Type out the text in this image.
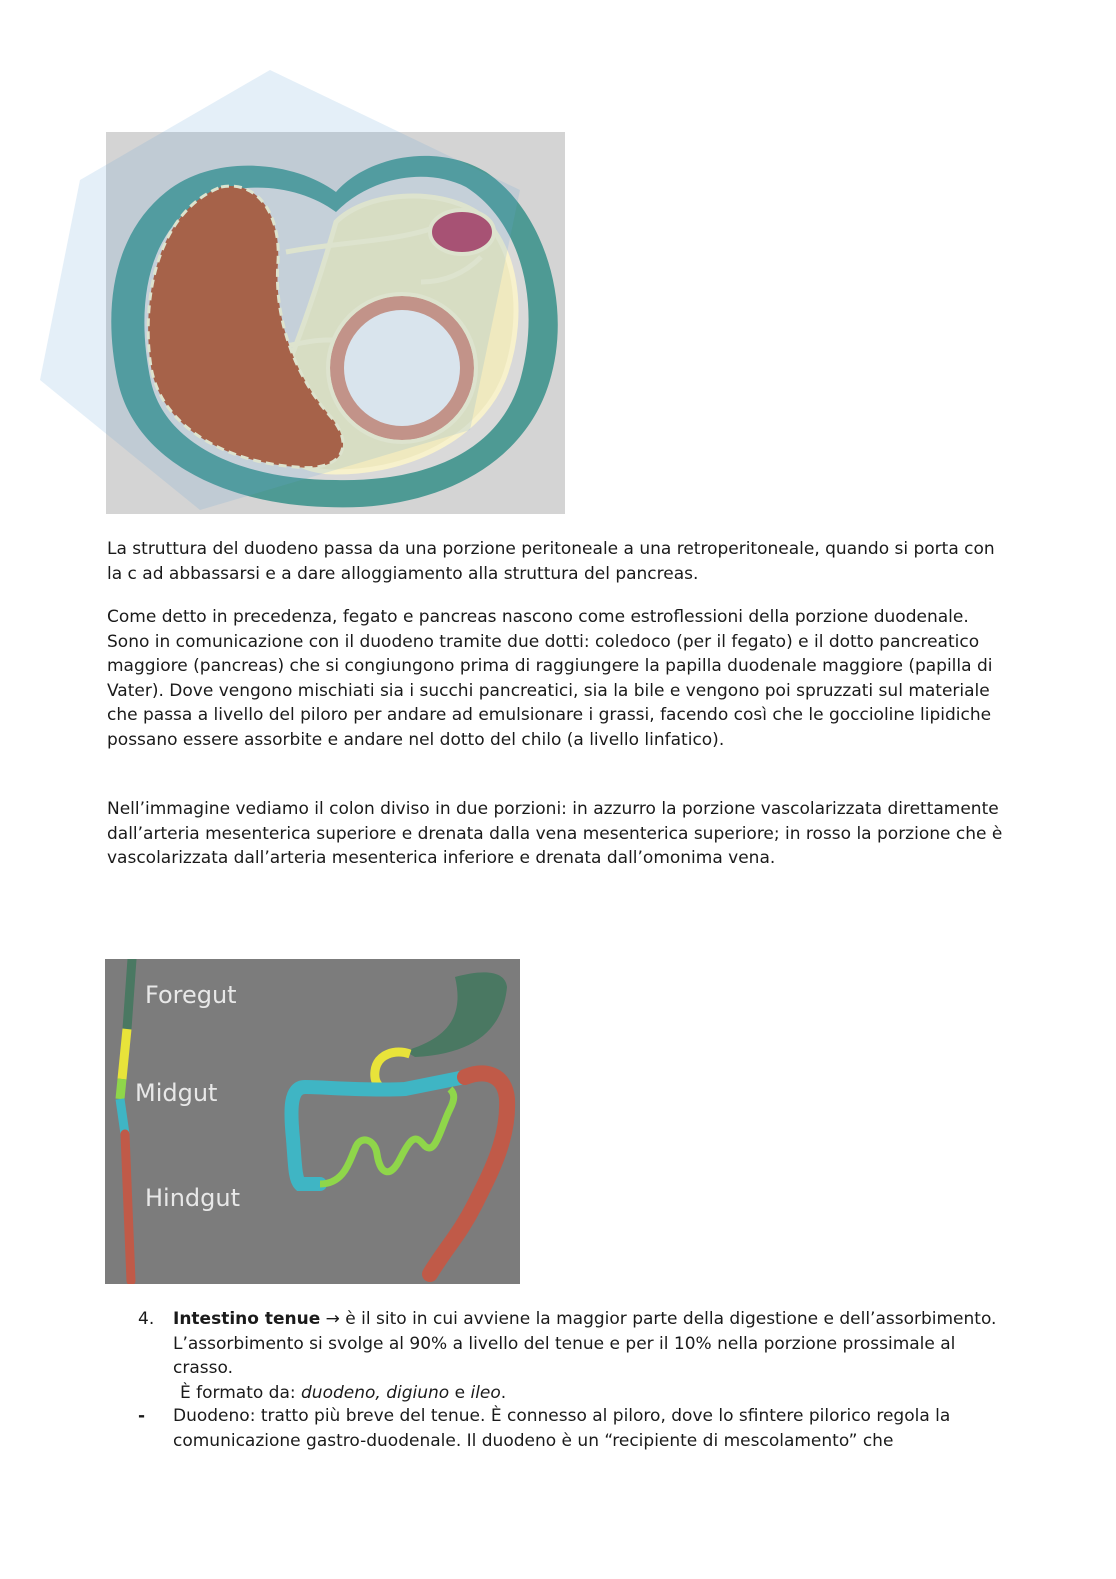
La struttura del duodeno passa da una porzione peritoneale a una retroperitoneale, quando si porta con la c ad abbassarsi e a dare alloggiamento alla struttura del pancreas.

Come detto in precedenza, fegato e pancreas nascono come estroflessioni della porzione duodenale. Sono in comunicazione con il duodeno tramite due dotti: coledoco (per il fegato) e il dotto pancreatico maggiore (pancreas) che si congiungono prima di raggiungere la papilla duodenale maggiore (papilla di Vater). Dove vengono mischiati sia i succhi pancreatici, sia la bile e vengono poi spruzzati sul materiale che passa a livello del piloro per andare ad emulsionare i grassi, facendo così che le goccioline lipidiche possano essere assorbite e andare nel dotto del chilo (a livello linfatico).

Nell’immagine vediamo il colon diviso in due porzioni: in azzurro la porzione vascolarizzata direttamente dall’arteria mesenterica superiore e drenata dalla vena mesenterica superiore; in rosso la porzione che è vascolarizzata dall’arteria mesenterica inferiore e drenata dall’omonima vena.

Foregut
Midgut
Hindgut
4. Intestino tenue → è il sito in cui avviene la maggior parte della digestione e dell’assorbimento. L’assorbimento si svolge al 90% a livello del tenue e per il 10% nella porzione prossimale al crasso.
È formato da: duodeno, digiuno e ileo.

- Duodeno: tratto più breve del tenue. È connesso al piloro, dove lo sfintere pilorico regola la comunicazione gastro-duodenale. Il duodeno è un “recipiente di mescolamento” che
